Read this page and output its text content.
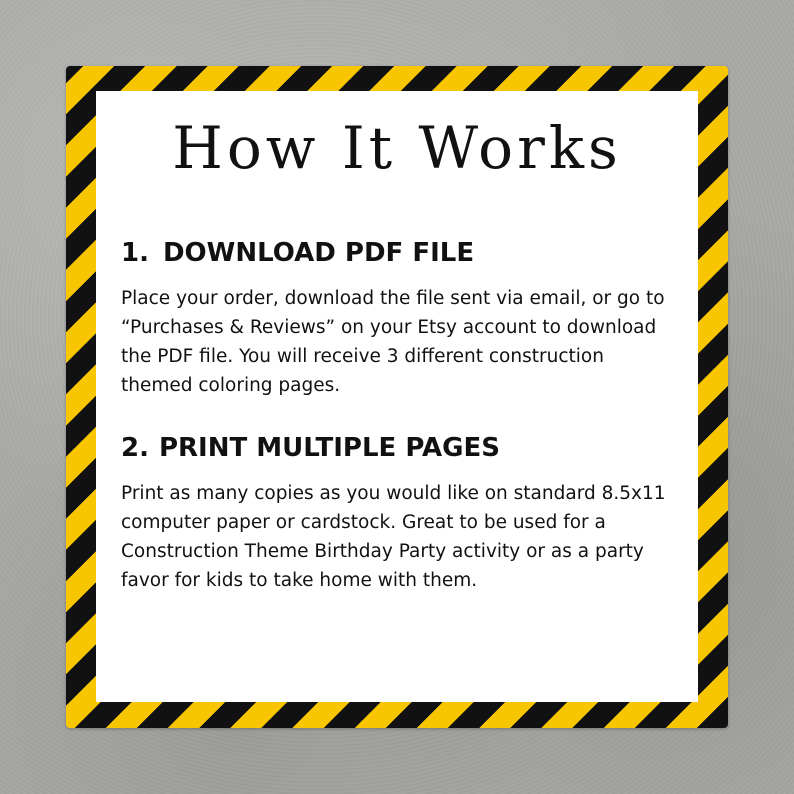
How It Works
1. DOWNLOAD PDF FILE

Place your order, download the file sent via email, or go to “Purchases & Reviews” on your Etsy account to download the PDF file. You will receive 3 different construction themed coloring pages.

2. PRINT MULTIPLE PAGES

Print as many copies as you would like on standard 8.5x11 computer paper or cardstock. Great to be used for a Construction Theme Birthday Party activity or as a party favor for kids to take home with them.
